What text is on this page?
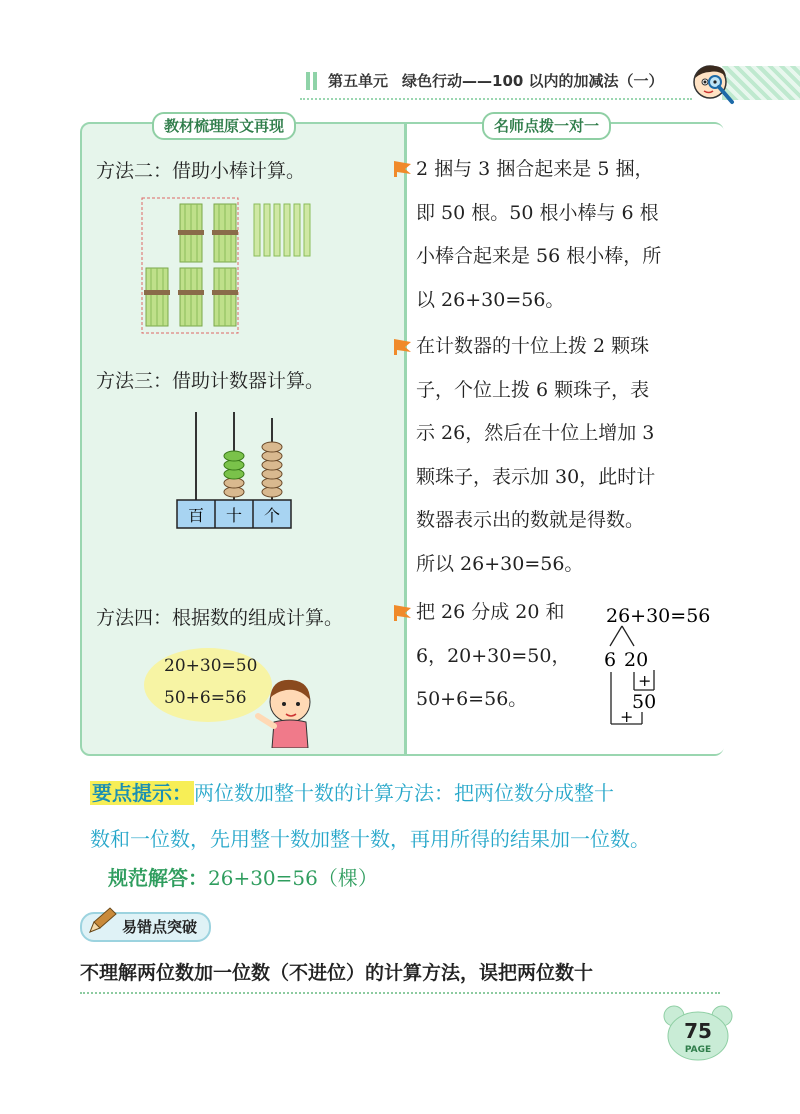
第五单元 绿色行动——100 以内的加减法（一）
教材梳理原文再现	名师点拨一对一
方法二：借助小棒计算。
方法三：借助计数器计算。
百 十 个
方法四：根据数的组成计算。
20+30=50
50+6=56
2 捆与 3 捆合起来是 5 捆，
即 50 根。50 根小棒与 6 根
小棒合起来是 56 根小棒，所
以 26+30=56。
在计数器的十位上拨 2 颗珠
子，个位上拨 6 颗珠子，表
示 26，然后在十位上增加 3
颗珠子，表示加 30，此时计
数器表示出的数就是得数。
所以 26+30=56。
把 26 分成 20 和
6，20+30=50，
50+6=56。
26+30=56
6 20
+
50
+
要点提示： 两位数加整十数的计算方法：把两位数分成整十
数和一位数，先用整十数加整十数，再用所得的结果加一位数。
规范解答：26+30=56（棵）
易错点突破
不理解两位数加一位数（不进位）的计算方法，误把两位数十
75
PAGE
